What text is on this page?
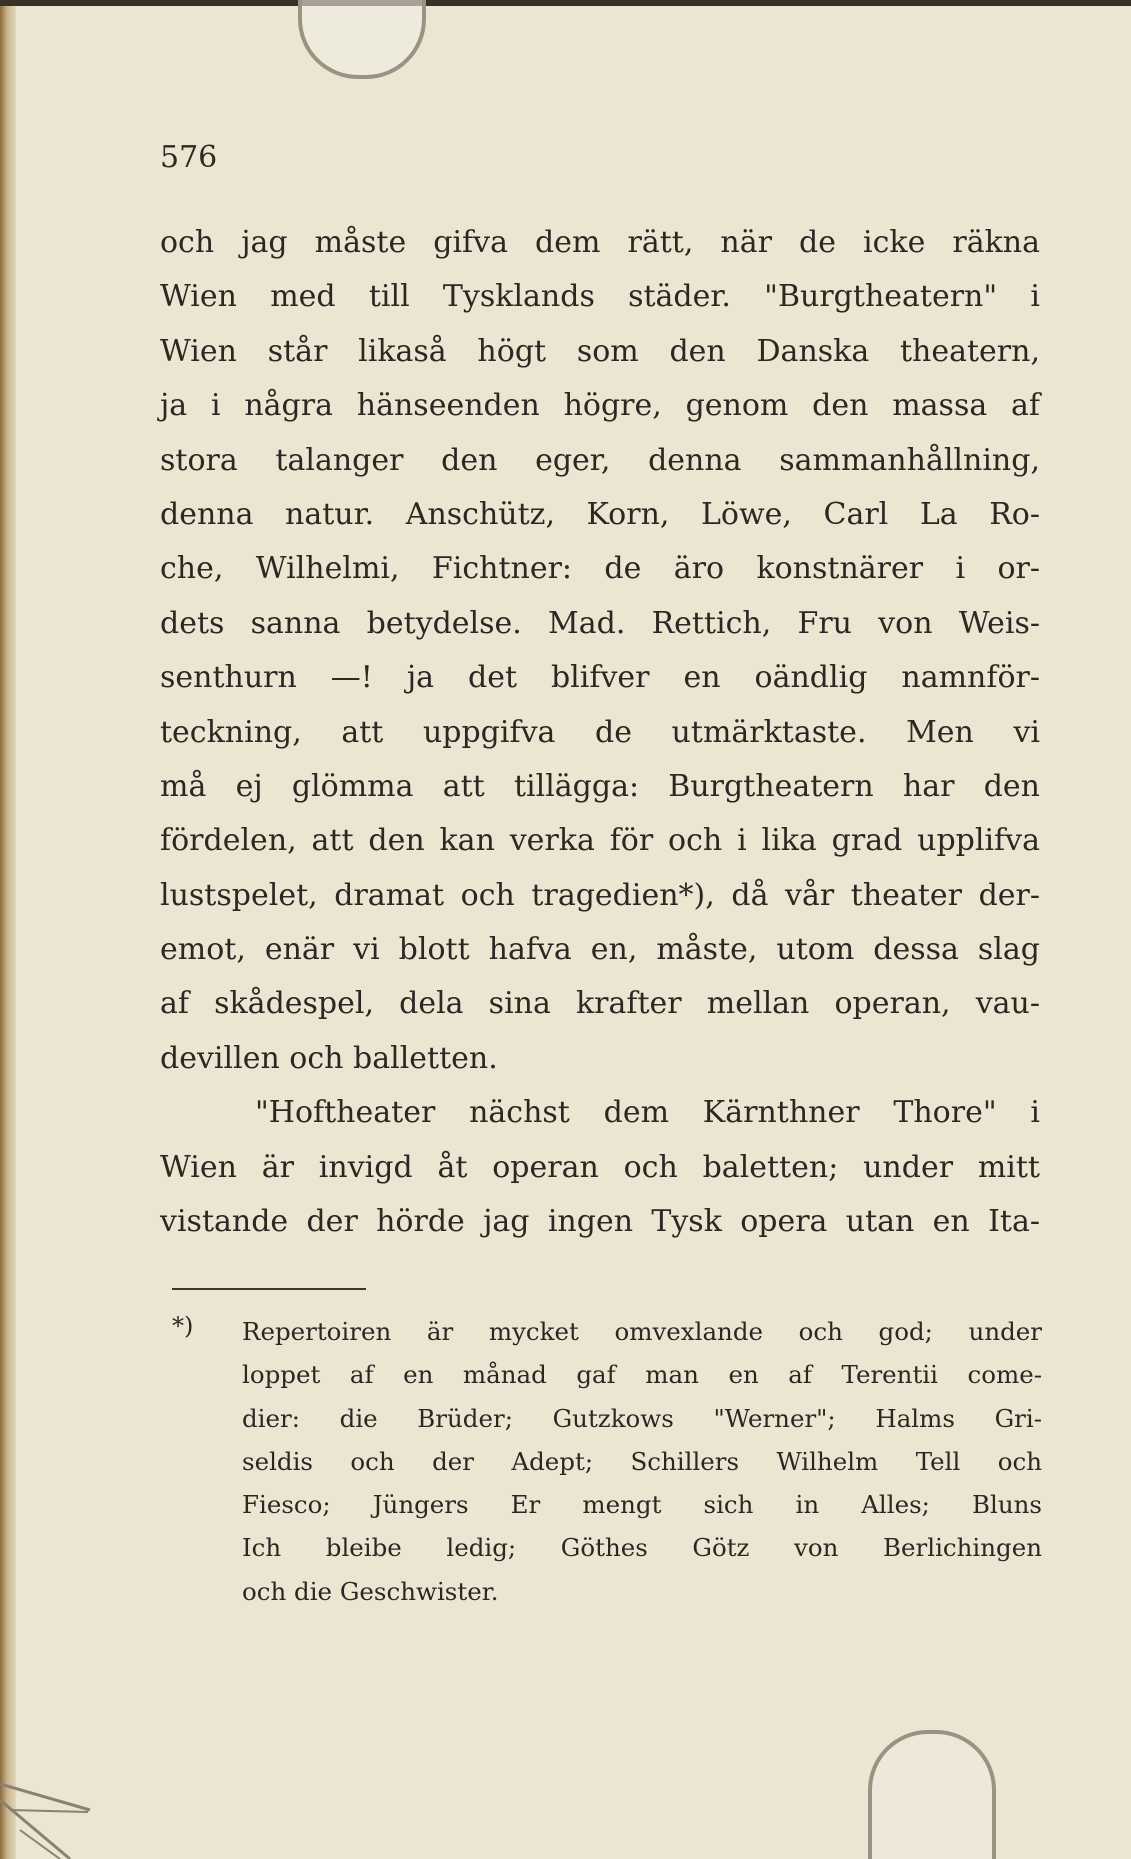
576
och jag måste gifva dem rätt, när de icke räkna
Wien med till Tysklands städer. "Burgtheatern" i
Wien står likaså högt som den Danska theatern,
ja i några hänseenden högre, genom den massa af
stora talanger den eger, denna sammanhållning,
denna natur. Anschütz, Korn, Löwe, Carl La Ro-
che, Wilhelmi, Fichtner: de äro konstnärer i or-
dets sanna betydelse. Mad. Rettich, Fru von Weis-
senthurn —! ja det blifver en oändlig namnför-
teckning, att uppgifva de utmärktaste. Men vi
må ej glömma att tillägga: Burgtheatern har den
fördelen, att den kan verka för och i lika grad upplifva
lustspelet, dramat och tragedien*), då vår theater der-
emot, enär vi blott hafva en, måste, utom dessa slag
af skådespel, dela sina krafter mellan operan, vau-
devillen och balletten.
"Hoftheater nächst dem Kärnthner Thore" i
Wien är invigd åt operan och baletten; under mitt
vistande der hörde jag ingen Tysk opera utan en Ita-
*) Repertoiren är mycket omvexlande och god; under
loppet af en månad gaf man en af Terentii come-
dier: die Brüder; Gutzkows "Werner"; Halms Gri-
seldis och der Adept; Schillers Wilhelm Tell och
Fiesco; Jüngers Er mengt sich in Alles; Bluns
Ich bleibe ledig; Göthes Götz von Berlichingen
och die Geschwister.
